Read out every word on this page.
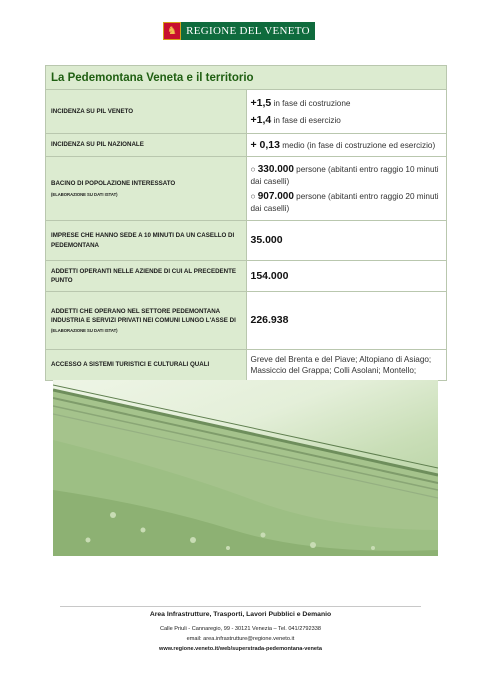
♞ REGIONE DEL VENETO
La Pedemontana Veneta e il territorio	
INCIDENZA SU PIL VENETO	+1,5 in fase di costruzione
+1,4 in fase di esercizio

INCIDENZA SU PIL NAZIONALE	+ 0,13 medio (in fase di costruzione ed esercizio)
BACINO DI POPOLAZIONE INTERESSATO
(ELABORAZIONE SU DATI ISTAT)	○ 330.000 persone (abitanti entro raggio 10 minuti dai caselli)
○ 907.000 persone (abitanti entro raggio 20 minuti dai caselli)

IMPRESE CHE HANNO SEDE A 10 MINUTI DA UN CASELLO DI PEDEMONTANA	35.000
ADDETTI OPERANTI NELLE AZIENDE DI CUI AL PRECEDENTE PUNTO	154.000
ADDETTI CHE OPERANO NEL SETTORE PEDEMONTANA INDUSTRIA E SERVIZI PRIVATI NEI COMUNI LUNGO L'ASSE DI
(ELABORAZIONE SU DATI ISTAT)	226.938
ACCESSO A SISTEMI TURISTICI E CULTURALI QUALI	Greve del Brenta e del Piave; Altopiano di Asiago; Massiccio del Grappa; Colli Asolani; Montello;
Area Infrastrutture, Trasporti, Lavori Pubblici e Demanio
Calle Priuli - Cannaregio, 99 - 30121 Venezia – Tel. 041/2792338
email: area.infrastrutture@regione.veneto.it
www.regione.veneto.it/web/superstrada-pedemontana-veneta
